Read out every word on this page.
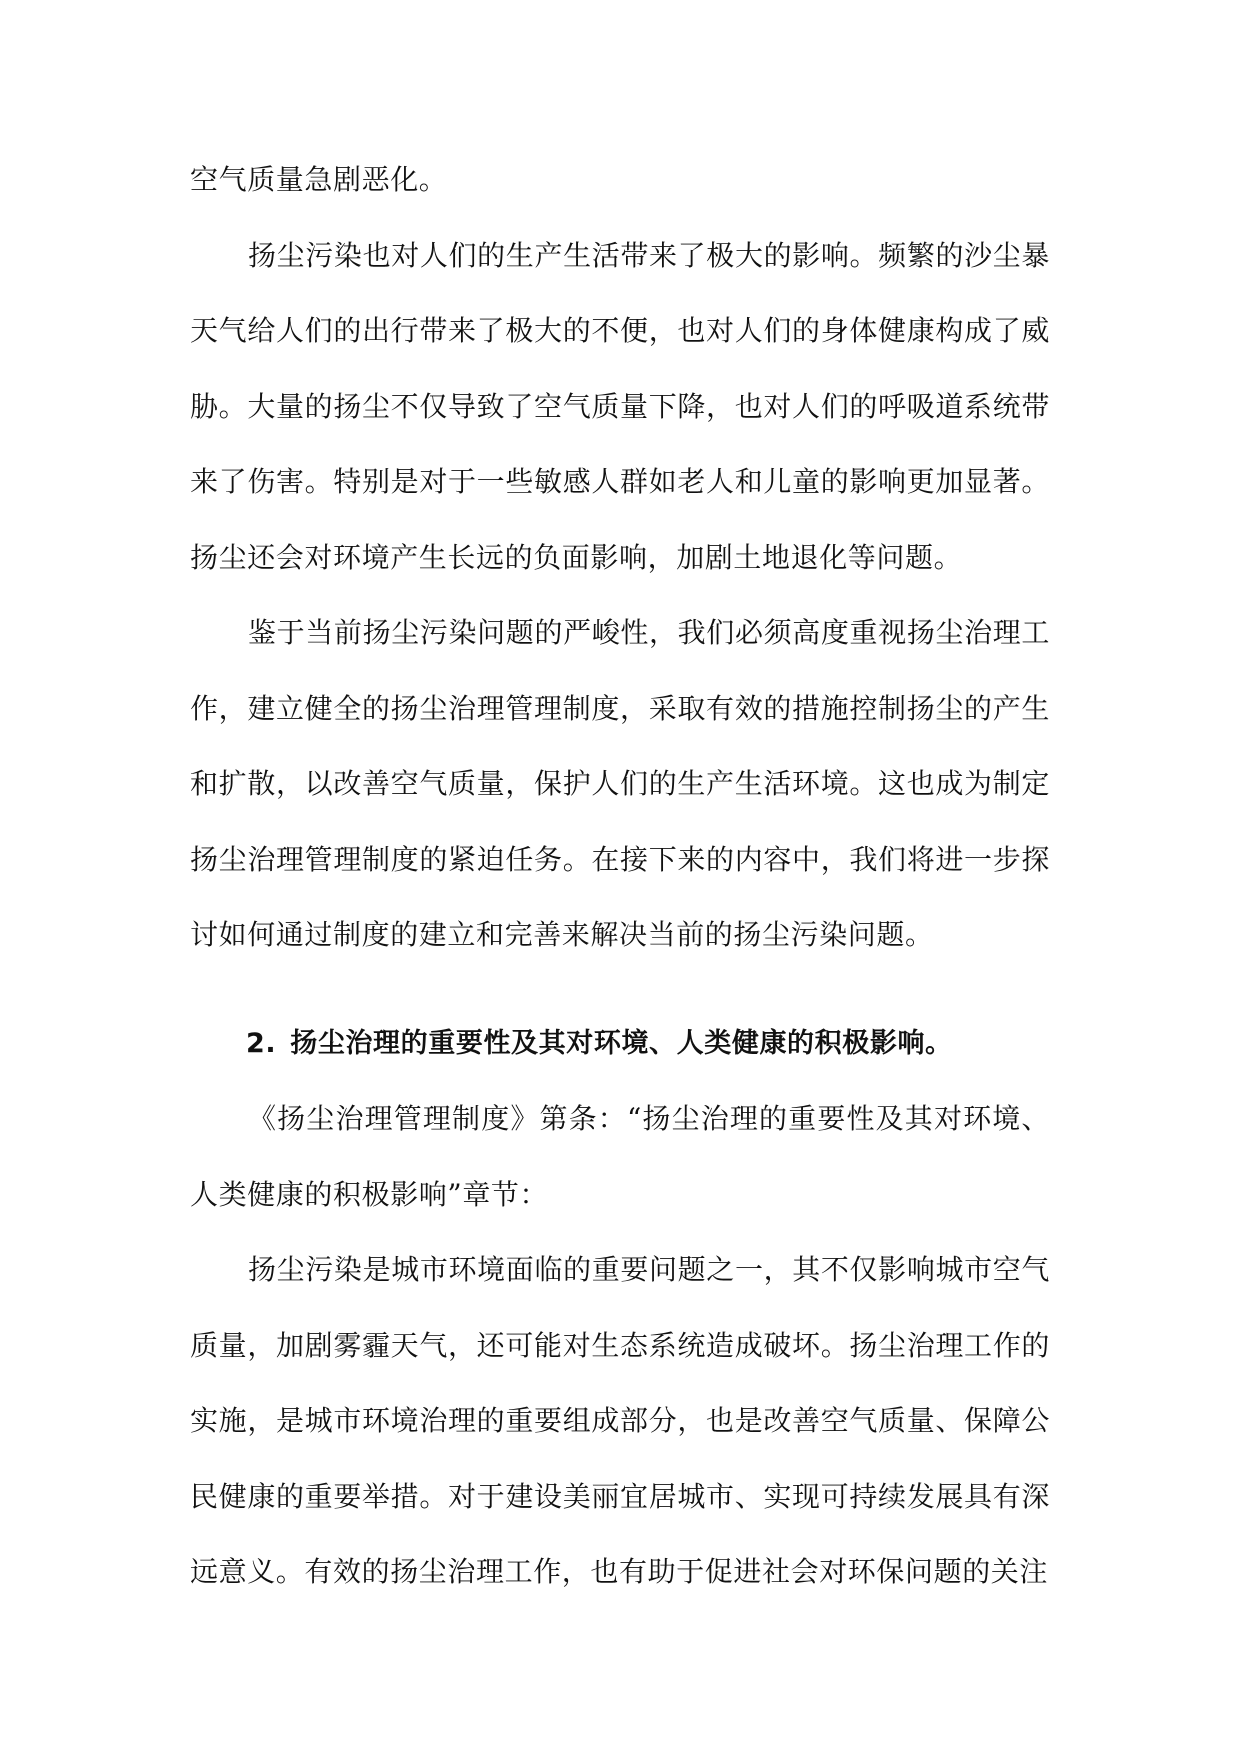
空气质量急剧恶化。

扬尘污染也对人们的生产生活带来了极大的影响。频繁的沙尘暴天气给人们的出行带来了极大的不便，也对人们的身体健康构成了威胁。大量的扬尘不仅导致了空气质量下降，也对人们的呼吸道系统带来了伤害。特别是对于一些敏感人群如老人和儿童的影响更加显著。扬尘还会对环境产生长远的负面影响，加剧土地退化等问题。

鉴于当前扬尘污染问题的严峻性，我们必须高度重视扬尘治理工作，建立健全的扬尘治理管理制度，采取有效的措施控制扬尘的产生和扩散，以改善空气质量，保护人们的生产生活环境。这也成为制定扬尘治理管理制度的紧迫任务。在接下来的内容中，我们将进一步探讨如何通过制度的建立和完善来解决当前的扬尘污染问题。

2. 扬尘治理的重要性及其对环境、人类健康的积极影响。

《扬尘治理管理制度》第条：“扬尘治理的重要性及其对环境、人类健康的积极影响”章节：

扬尘污染是城市环境面临的重要问题之一，其不仅影响城市空气质量，加剧雾霾天气，还可能对生态系统造成破坏。扬尘治理工作的实施，是城市环境治理的重要组成部分，也是改善空气质量、保障公民健康的重要举措。对于建设美丽宜居城市、实现可持续发展具有深远意义。有效的扬尘治理工作，也有助于促进社会对环保问题的关注
